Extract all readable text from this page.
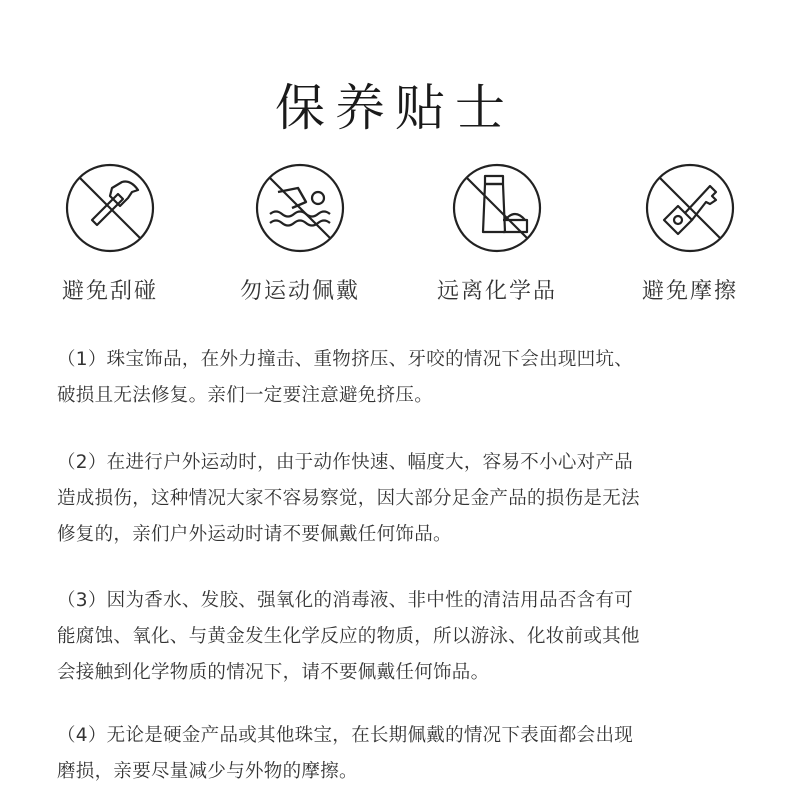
保养贴士
避免刮碰	勿运动佩戴	远离化学品	避免摩擦
（1）珠宝饰品，在外力撞击、重物挤压、牙咬的情况下会出现凹坑、
破损且无法修复。亲们一定要注意避免挤压。
（2）在进行户外运动时，由于动作快速、幅度大，容易不小心对产品
造成损伤，这种情况大家不容易察觉，因大部分足金产品的损伤是无法
修复的，亲们户外运动时请不要佩戴任何饰品。
（3）因为香水、发胶、强氧化的消毒液、非中性的清洁用品否含有可
能腐蚀、氧化、与黄金发生化学反应的物质，所以游泳、化妆前或其他
会接触到化学物质的情况下，请不要佩戴任何饰品。
（4）无论是硬金产品或其他珠宝，在长期佩戴的情况下表面都会出现
磨损，亲要尽量减少与外物的摩擦。
